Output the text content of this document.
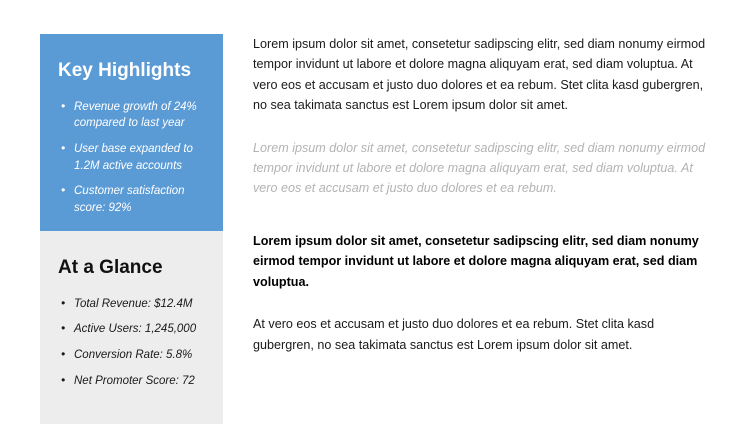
Key Highlights
• Revenue growth of 24% compared to last year
• User base expanded to 1.2M active accounts
• Customer satisfaction score: 92%

Lorem ipsum dolor sit amet, consetetur sadipscing elitr, sed diam nonumy eirmod tempor invidunt ut labore et dolore magna aliquyam erat, sed diam voluptua. At vero eos et accusam et justo duo dolores et ea rebum. Stet clita kasd gubergren, no sea takimata sanctus est Lorem ipsum dolor sit amet.

Lorem ipsum dolor sit amet, consetetur sadipscing elitr, sed diam nonumy eirmod tempor invidunt ut labore et dolore magna aliquyam erat, sed diam voluptua. At vero eos et accusam et justo duo dolores et ea rebum.

At a Glance
• Total Revenue: $12.4M
• Active Users: 1,245,000
• Conversion Rate: 5.8%
• Net Promoter Score: 72

Lorem ipsum dolor sit amet, consetetur sadipscing elitr, sed diam nonumy eirmod tempor invidunt ut labore et dolore magna aliquyam erat, sed diam voluptua.

At vero eos et accusam et justo duo dolores et ea rebum. Stet clita kasd gubergren, no sea takimata sanctus est Lorem ipsum dolor sit amet.
